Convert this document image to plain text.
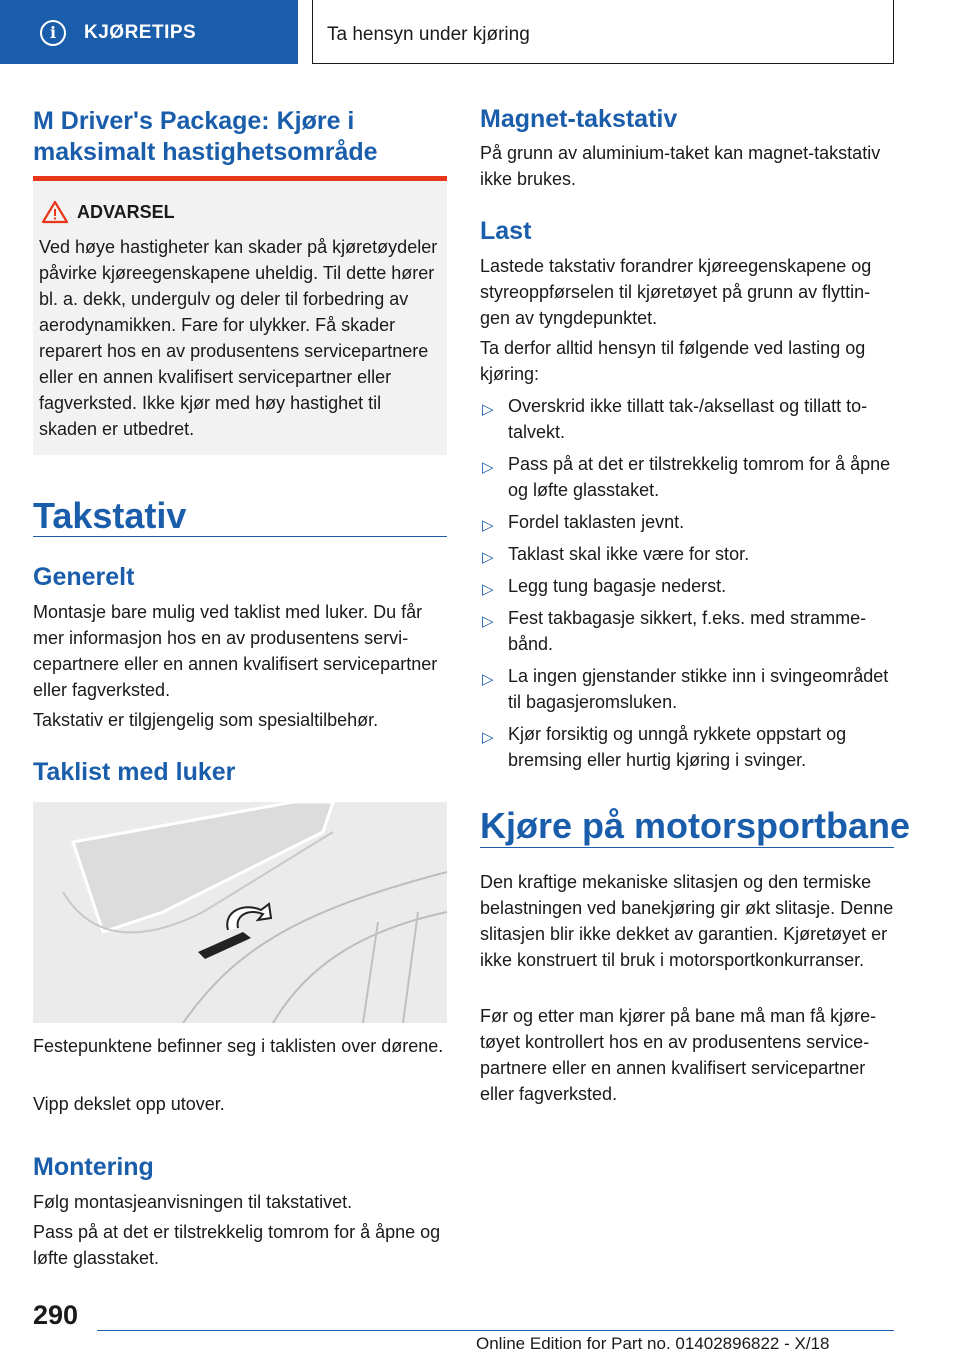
i	KJØRETIPS	Ta hensyn under kjøring
M Driver's Package: Kjøre i maksimalt hastighetsområde
ADVARSEL
Ved høye hastigheter kan skader på kjøretøydeler påvirke kjøreegenskapene uheldig. Til dette hører bl. a. dekk, undergulv og deler til forbedring av aerodynamikken. Fare for ulykker. Få skader reparert hos en av produsentens servicepartnere eller en annen kvalifisert servicepartner eller fagverksted. Ikke kjør med høy hastighet til skaden er utbedret.
Takstativ
Generelt

Montasje bare mulig ved taklist med luker. Du får mer informasjon hos en av produsentens servicepartnere eller en annen kvalifisert servicepartner eller fagverksted.

Takstativ er tilgjengelig som spesialtilbehør.

Taklist med luker

Festepunktene befinner seg i taklisten over dørene.

Vipp dekslet opp utover.

Montering

Følg montasjeanvisningen til takstativet.

Pass på at det er tilstrekkelig tomrom for å åpne og løfte glasstaket.

Magnet-takstativ

På grunn av aluminium-taket kan magnet-takstativ ikke brukes.

Last

Lastede takstativ forandrer kjøreegenskapene og styreoppførselen til kjøretøyet på grunn av flyttingen av tyngdepunktet.

Ta derfor alltid hensyn til følgende ved lasting og kjøring:

▷ Overskrid ikke tillatt tak-/aksellast og tillatt totalvekt.
▷ Pass på at det er tilstrekkelig tomrom for å åpne og løfte glasstaket.
▷ Fordel taklasten jevnt.
▷ Taklast skal ikke være for stor.
▷ Legg tung bagasje nederst.
▷ Fest takbagasje sikkert, f.eks. med strammebånd.
▷ La ingen gjenstander stikke inn i svingeområdet til bagasjeromsluken.
▷ Kjør forsiktig og unngå rykkete oppstart og bremsing eller hurtig kjøring i svinger.
Kjøre på motorsportbane

Den kraftige mekaniske slitasjen og den termiske belastningen ved banekjøring gir økt slitasje. Denne slitasjen blir ikke dekket av garantien. Kjøretøyet er ikke konstruert til bruk i motorsportkonkurranser.

Før og etter man kjører på bane må man få kjøretøyet kontrollert hos en av produsentens servicepartnere eller en annen kvalifisert servicepartner eller fagverksted.

290
Online Edition for Part no. 01402896822 - X/18
